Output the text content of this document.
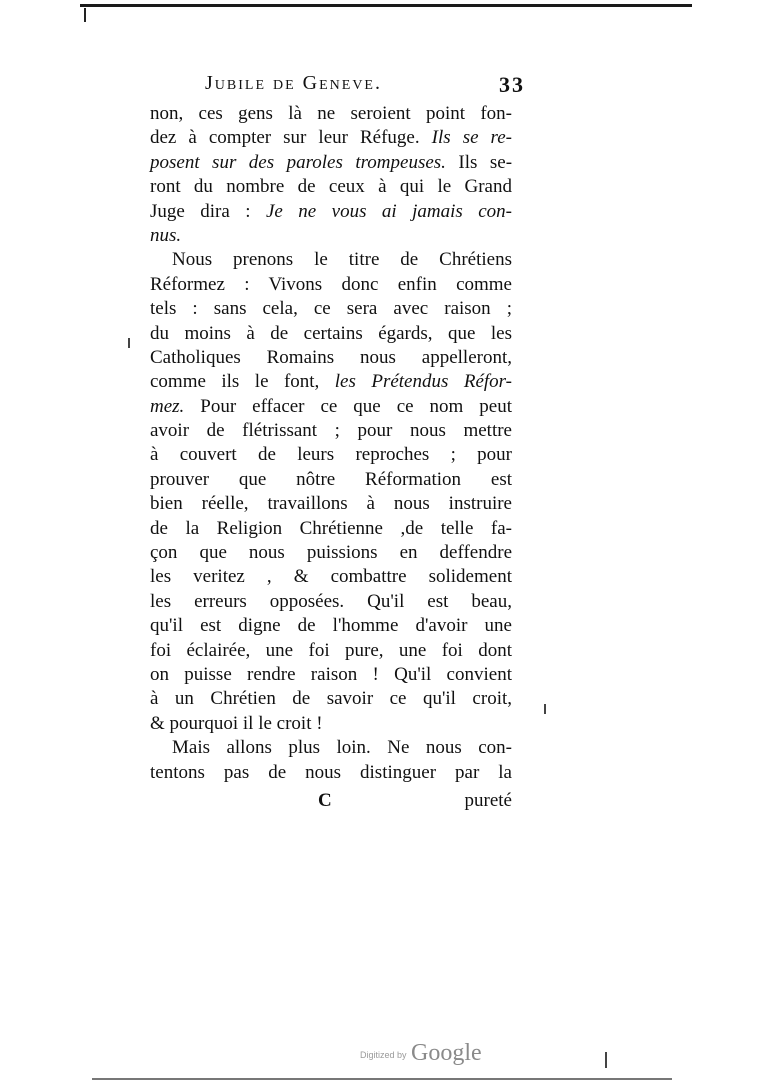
Jubile de Geneve.	33
non, ces gens là ne seroient point fon-
dez à compter sur leur Réfuge. Ils se re-
posent sur des paroles trompeuses. Ils se-
ront du nombre de ceux à qui le Grand
Juge dira : Je ne vous ai jamais con-
nus.
Nous prenons le titre de Chrétiens
Réformez : Vivons donc enfin comme
tels : sans cela, ce sera avec raison ;
du moins à de certains égards, que les
Catholiques Romains nous appelleront,
comme ils le font, les Prétendus Réfor-
mez. Pour effacer ce que ce nom peut
avoir de flétrissant ; pour nous mettre
à couvert de leurs reproches ; pour
prouver que nôtre Réformation est
bien réelle, travaillons à nous instruire
de la Religion Chrétienne ,de telle fa-
çon que nous puissions en deffendre
les veritez , & combattre solidement
les erreurs opposées. Qu'il est beau,
qu'il est digne de l'homme d'avoir une
foi éclairée, une foi pure, une foi dont
on puisse rendre raison ! Qu'il convient
à un Chrétien de savoir ce qu'il croit,
& pourquoi il le croit !
Mais allons plus loin. Ne nous con-
tentons pas de nous distinguer par la
C	pureté
Digitized by Google
